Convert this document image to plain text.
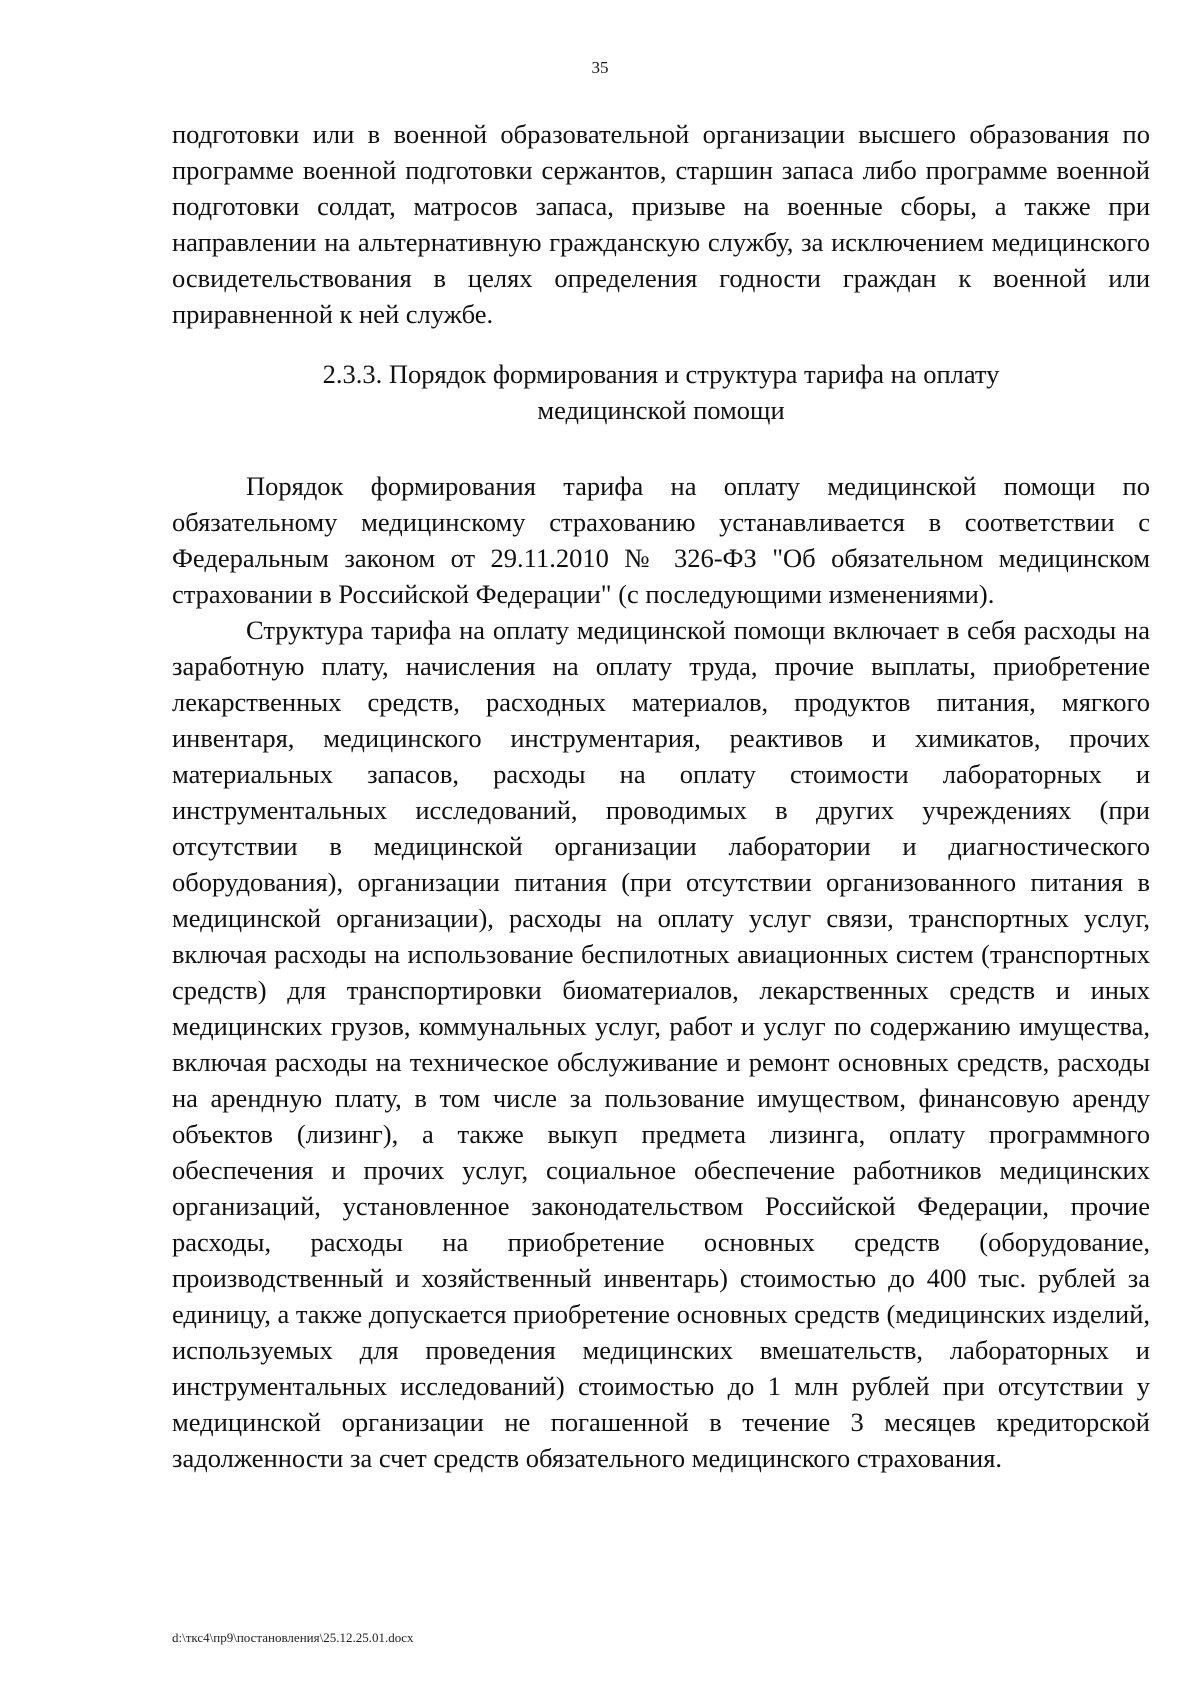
35

подготовки или в военной образовательной организации высшего образования по программе военной подготовки сержантов, старшин запаса либо программе военной подготовки солдат, матросов запаса, призыве на военные сборы, а также при направлении на альтернативную гражданскую службу, за исключением медицинского освидетельствования в целях определения годности граждан к военной или приравненной к ней службе.

2.3.3. Порядок формирования и структура тарифа на оплату
медицинской помощи

Порядок формирования тарифа на оплату медицинской помощи по обязательному медицинскому страхованию устанавливается в соответствии с Федеральным законом от 29.11.2010 № 326-ФЗ "Об обязательном медицинском страховании в Российской Федерации" (с последующими изменениями).

Структура тарифа на оплату медицинской помощи включает в себя расходы на заработную плату, начисления на оплату труда, прочие выплаты, приобретение лекарственных средств, расходных материалов, продуктов питания, мягкого инвентаря, медицинского инструментария, реактивов и химикатов, прочих материальных запасов, расходы на оплату стоимости лабораторных и инструментальных исследований, проводимых в других учреждениях (при отсутствии в медицинской организации лаборатории и диагностического оборудования), организации питания (при отсутствии организованного питания в медицинской организации), расходы на оплату услуг связи, транспортных услуг, включая расходы на использование беспилотных авиационных систем (транспортных средств) для транспортировки биоматериалов, лекарственных средств и иных медицинских грузов, коммунальных услуг, работ и услуг по содержанию имущества, включая расходы на техническое обслуживание и ремонт основных средств, расходы на арендную плату, в том числе за пользование имуществом, финансовую аренду объектов (лизинг), а также выкуп предмета лизинга, оплату программного обеспечения и прочих услуг, социальное обеспечение работников медицинских организаций, установленное законодательством Российской Федерации, прочие расходы, расходы на приобретение основных средств (оборудование, производственный и хозяйственный инвентарь) стоимостью до 400 тыс. рублей за единицу, а также допускается приобретение основных средств (медицинских изделий, используемых для проведения медицинских вмешательств, лабораторных и инструментальных исследований) стоимостью до 1 млн рублей при отсутствии у медицинской организации не погашенной в течение 3 месяцев кредиторской задолженности за счет средств обязательного медицинского страхования.

d:\ткс4\пр9\постановления\25.12.25.01.docx
